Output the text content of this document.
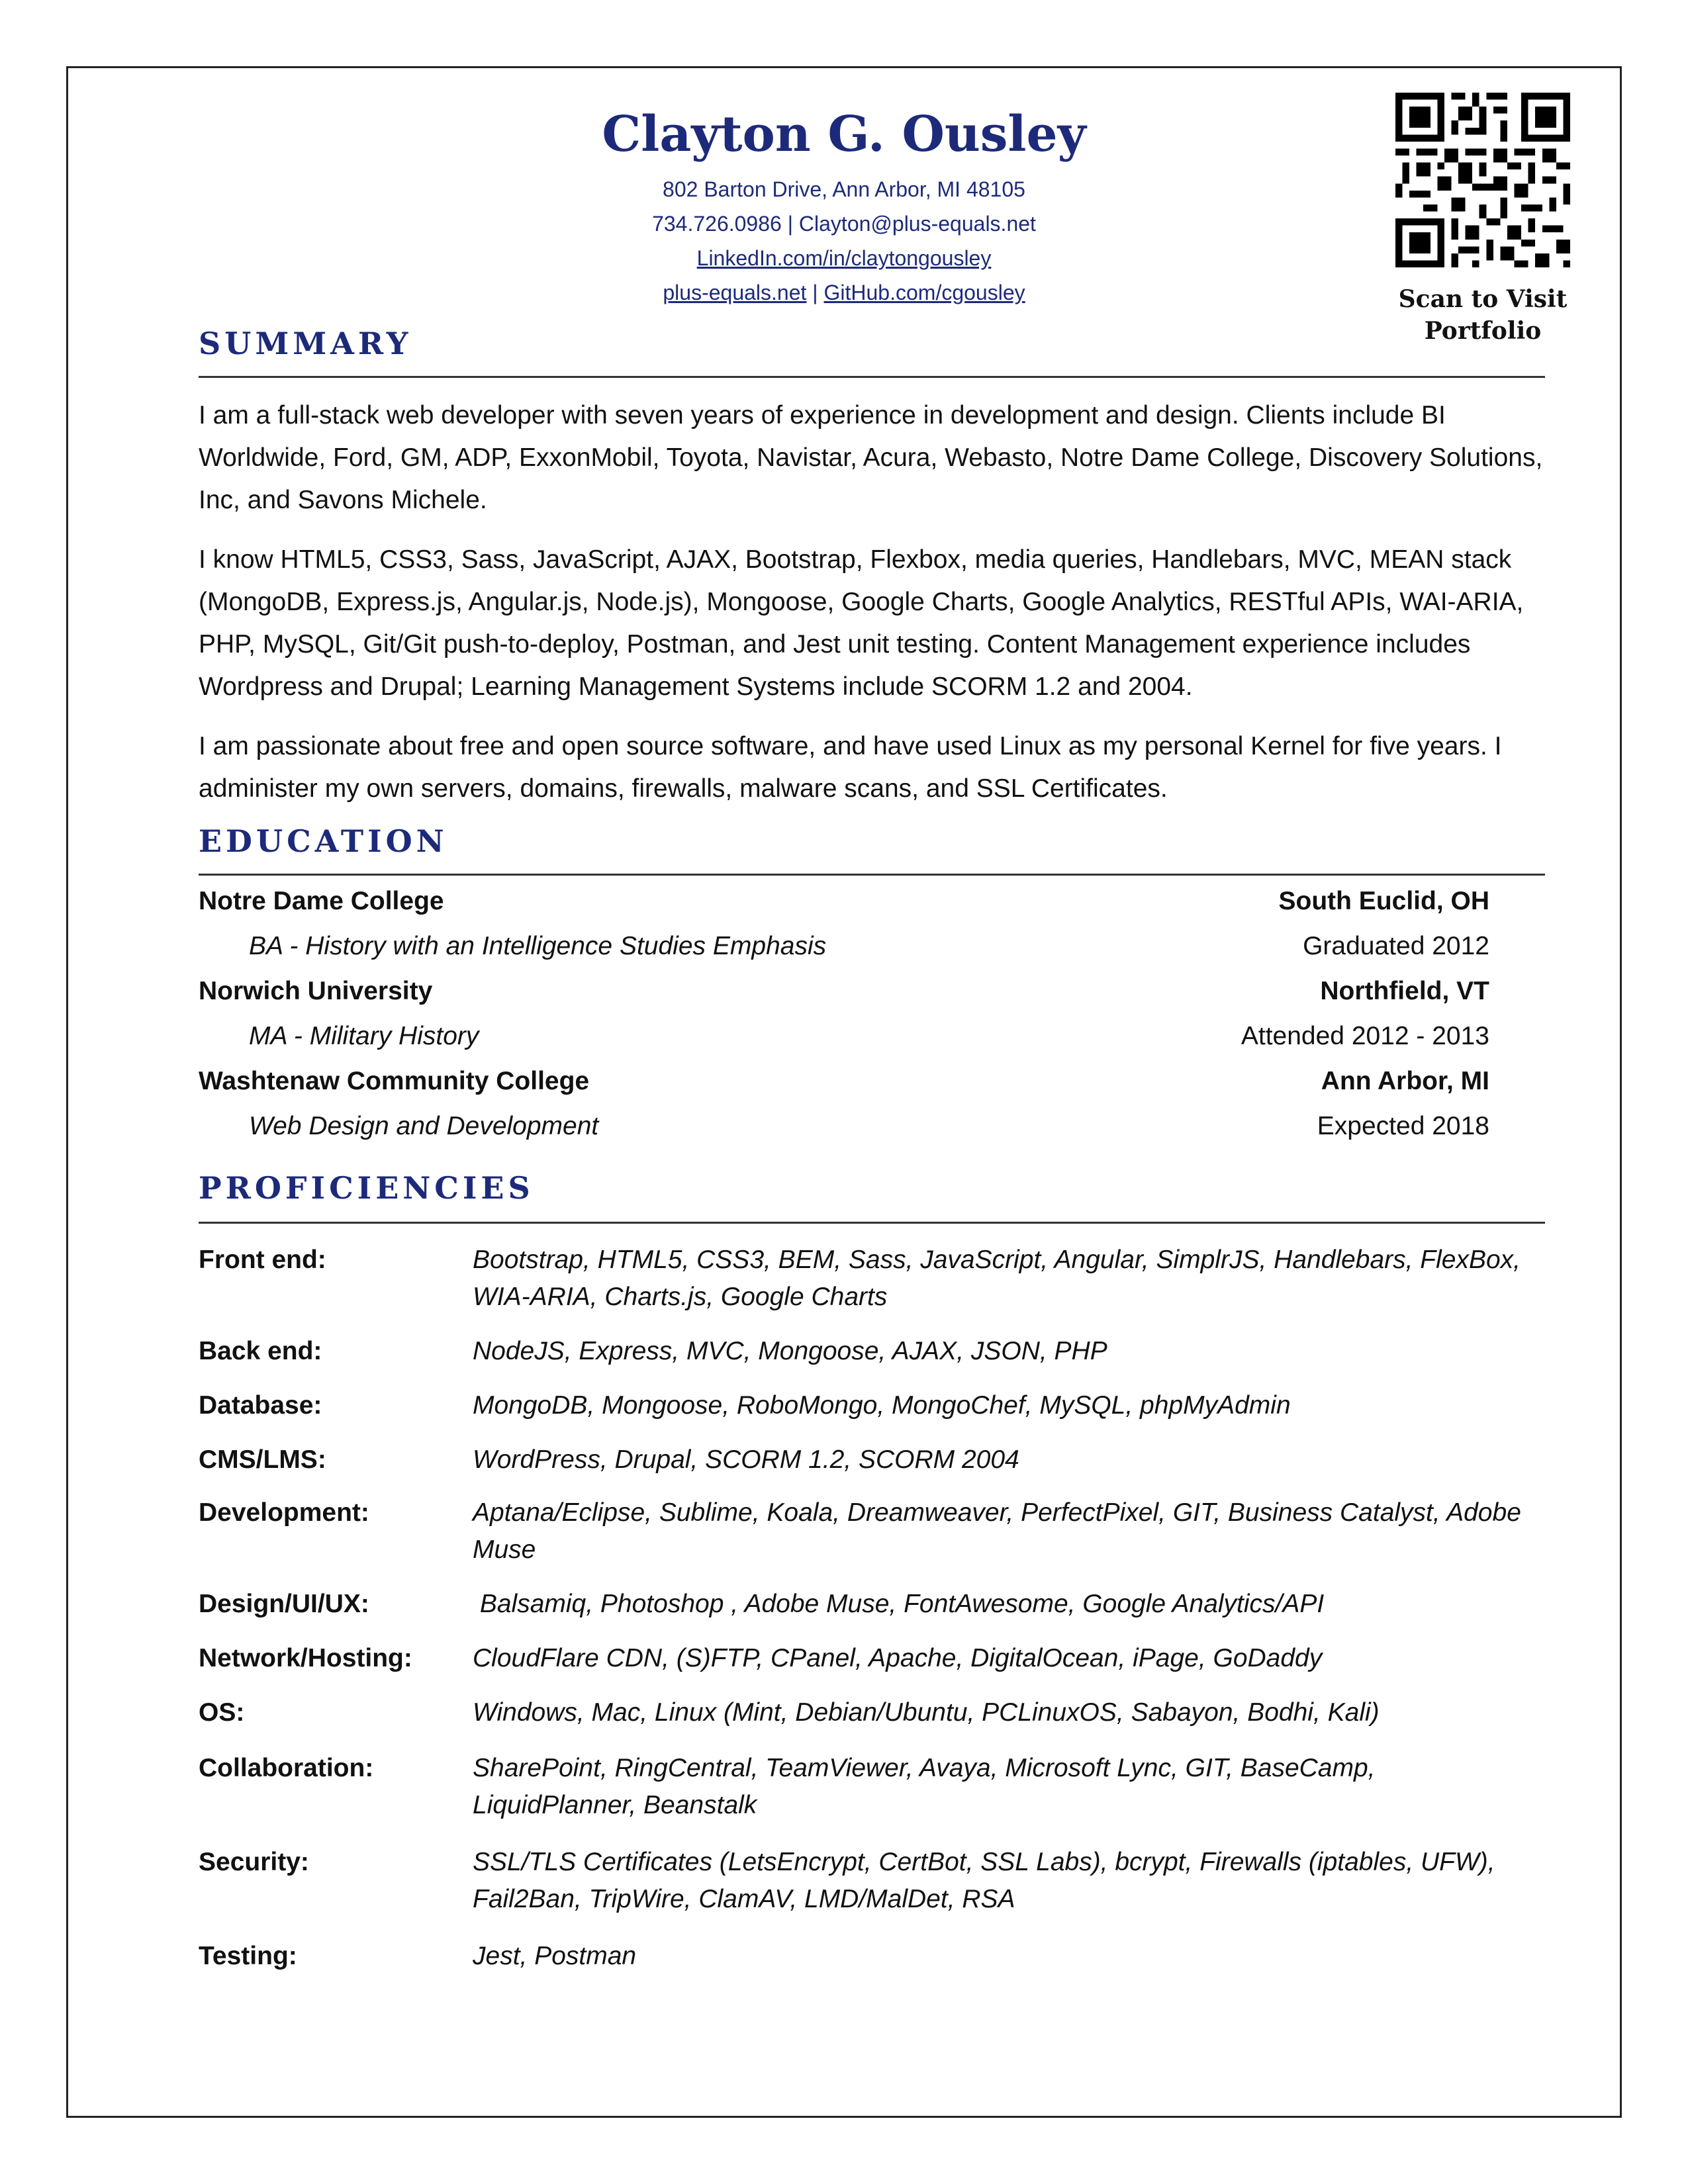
Clayton G. Ousley
802 Barton Drive, Ann Arbor, MI 48105
734.726.0986 | Clayton@plus-equals.net
LinkedIn.com/in/claytongousley
plus-equals.net | GitHub.com/cgousley	Scan to Visit
Portfolio
SUMMARY

I am a full-stack web developer with seven years of experience in development and design. Clients include BI Worldwide, Ford, GM, ADP, ExxonMobil, Toyota, Navistar, Acura, Webasto, Notre Dame College, Discovery Solutions, Inc, and Savons Michele.

I know HTML5, CSS3, Sass, JavaScript, AJAX, Bootstrap, Flexbox, media queries, Handlebars, MVC, MEAN stack (MongoDB, Express.js, Angular.js, Node.js), Mongoose, Google Charts, Google Analytics, RESTful APIs, WAI-ARIA, PHP, MySQL, Git/Git push-to-deploy, Postman, and Jest unit testing. Content Management experience includes Wordpress and Drupal; Learning Management Systems include SCORM 1.2 and 2004.

I am passionate about free and open source software, and have used Linux as my personal Kernel for five years. I administer my own servers, domains, firewalls, malware scans, and SSL Certificates.

EDUCATION
Notre Dame College	South Euclid, OH
BA - History with an Intelligence Studies Emphasis	Graduated 2012
Norwich University	Northfield, VT
MA - Military History	Attended 2012 - 2013
Washtenaw Community College	Ann Arbor, MI
Web Design and Development	Expected 2018
PROFICIENCIES
Front end:	Bootstrap, HTML5, CSS3, BEM, Sass, JavaScript, Angular, SimplrJS, Handlebars, FlexBox, WIA-ARIA, Charts.js, Google Charts
Back end:	NodeJS, Express, MVC, Mongoose, AJAX, JSON, PHP
Database:	MongoDB, Mongoose, RoboMongo, MongoChef, MySQL, phpMyAdmin
CMS/LMS:	WordPress, Drupal, SCORM 1.2, SCORM 2004
Development:	Aptana/Eclipse, Sublime, Koala, Dreamweaver, PerfectPixel, GIT, Business Catalyst, Adobe Muse
Design/UI/UX:	Balsamiq, Photoshop , Adobe Muse, FontAwesome, Google Analytics/API
Network/Hosting: CloudFlare CDN, (S)FTP, CPanel, Apache, DigitalOcean, iPage, GoDaddy
OS:	Windows, Mac, Linux (Mint, Debian/Ubuntu, PCLinuxOS, Sabayon, Bodhi, Kali)
Collaboration:	SharePoint, RingCentral, TeamViewer, Avaya, Microsoft Lync, GIT, BaseCamp, LiquidPlanner, Beanstalk
Security:	SSL/TLS Certificates (LetsEncrypt, CertBot, SSL Labs), bcrypt, Firewalls (iptables, UFW), Fail2Ban, TripWire, ClamAV, LMD/MalDet, RSA
Testing:	Jest, Postman
